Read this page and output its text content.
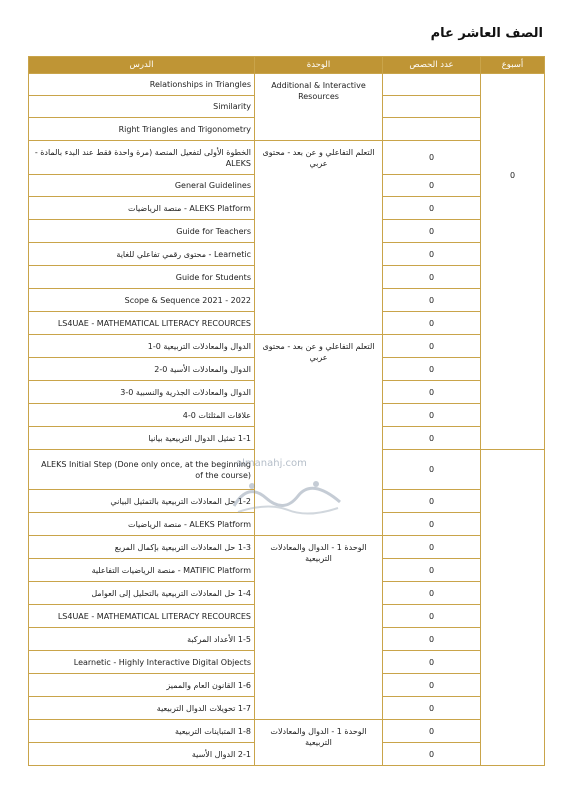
الصف العاشر عام
الدرس	الوحدة	عدد الحصص	أسبوع
Relationships in Triangles	Additional & Interactive Resources		0
Similarity			
Right Triangles and Trigonometry			
الخطوة الأولى لتفعيل المنصة (مرة واحدة فقط عند البدء بالمادة - ALEKS	التعلم التفاعلي و عن بعد - محتوى عربي	0	
General Guidelines		0	
ALEKS Platform - منصة الرياضيات		0	
Guide for Teachers		0	
Learnetic - محتوى رقمي تفاعلي للغاية		0	
Guide for Students		0	
Scope & Sequence 2021 - 2022		0	
LS4UAE - MATHEMATICAL LITERACY RECOURCES		0	
الدوال والمعادلات التربيعية 0-1	التعلم التفاعلي و عن بعد - محتوى عربي	0	
الدوال والمعادلات الأسية 0-2		0	
الدوال والمعادلات الجذرية والنسبية 0-3		0	
علاقات المثلثات 0-4		0	
1-1 تمثيل الدوال التربيعية بيانيا		0	
ALEKS Initial Step (Done only once, at the beginning of the course)		0	
1-2 حل المعادلات التربيعية بالتمثيل البياني		0	
ALEKS Platform - منصة الرياضيات		0	
1-3 حل المعادلات التربيعية بإكمال المربع	الوحدة 1 - الدوال والمعادلات التربيعية	0	
MATIFIC Platform - منصة الرياضيات التفاعلية		0	
1-4 حل المعادلات التربيعية بالتحليل إلى العوامل		0	
LS4UAE - MATHEMATICAL LITERACY RECOURCES		0	
1-5 الأعداد المركبة		0	
Learnetic - Highly Interactive Digital Objects		0	
1-6 القانون العام والمميز		0	
1-7 تحويلات الدوال التربيعية		0	
1-8 المتباينات التربيعية	الوحدة 1 - الدوال والمعادلات التربيعية	0	
2-1 الدوال الأسية		0	
almanahj.com
